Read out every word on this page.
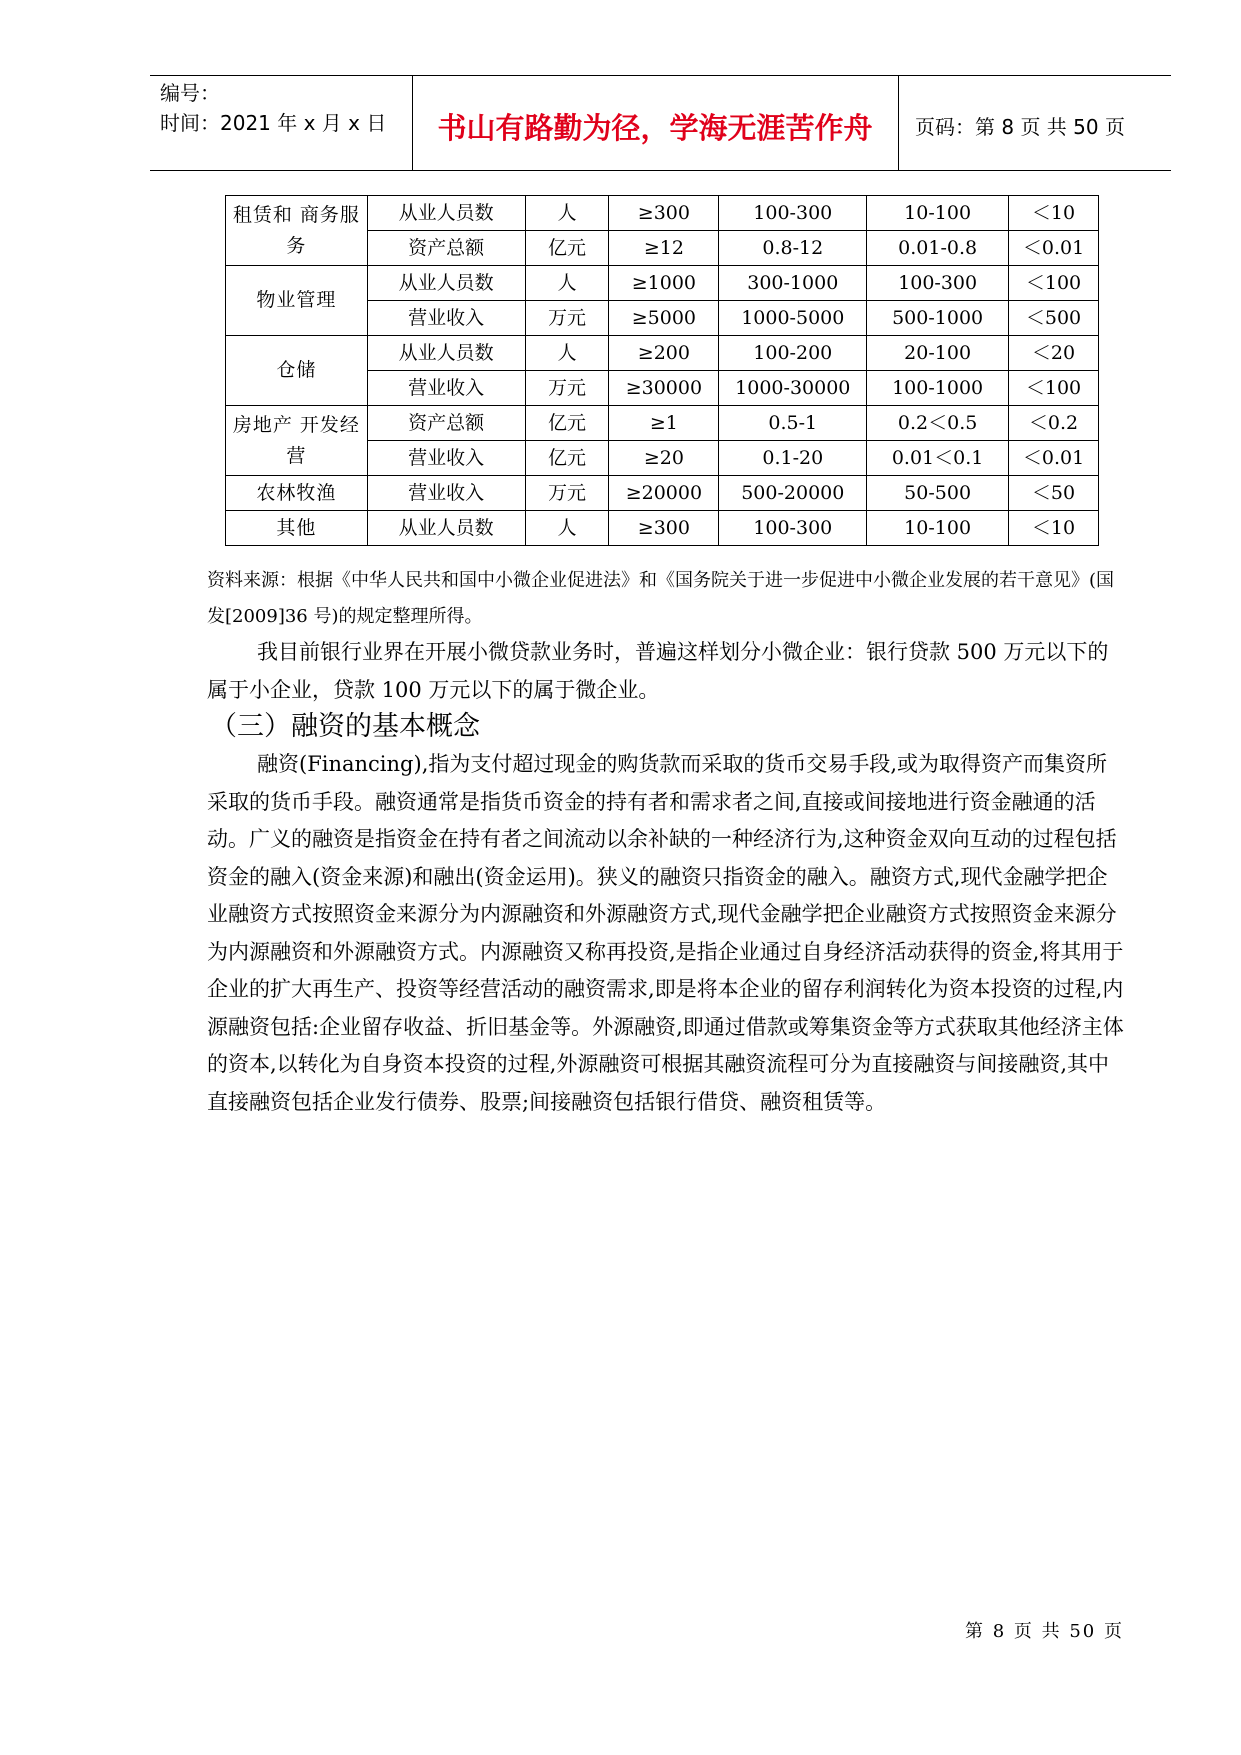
编号：
时间：2021 年 x 月 x 日	书山有路勤为径，学海无涯苦作舟	页码：第 8 页 共 50 页
租赁和 商务服务	从业人员数	人	≥300	100-300	10-100	＜10
	资产总额	亿元	≥12	0.8-12	0.01-0.8	＜0.01
物业管理	从业人员数	人	≥1000	300-1000	100-300	＜100
	营业收入	万元	≥5000	1000-5000	500-1000	＜500
仓储	从业人员数	人	≥200	100-200	20-100	＜20
	营业收入	万元	≥30000	1000-30000	100-1000	＜100
房地产 开发经营	资产总额	亿元	≥1	0.5-1	0.2＜0.5	＜0.2
	营业收入	亿元	≥20	0.1-20	0.01＜0.1	＜0.01
农林牧渔	营业收入	万元	≥20000	500-20000	50-500	＜50
其他	从业人员数	人	≥300	100-300	10-100	＜10
资料来源：根据《中华人民共和国中小微企业促进法》和《国务院关于进一步促进中小微企业发展的若干意见》(国发[2009]36 号)的规定整理所得。

我目前银行业界在开展小微贷款业务时，普遍这样划分小微企业：银行贷款 500 万元以下的属于小企业，贷款 100 万元以下的属于微企业。

（三）融资的基本概念

融资(Financing),指为支付超过现金的购货款而采取的货币交易手段,或为取得资产而集资所采取的货币手段。融资通常是指货币资金的持有者和需求者之间,直接或间接地进行资金融通的活动。广义的融资是指资金在持有者之间流动以余补缺的一种经济行为,这种资金双向互动的过程包括资金的融入(资金来源)和融出(资金运用)。狭义的融资只指资金的融入。融资方式,现代金融学把企业融资方式按照资金来源分为内源融资和外源融资方式,现代金融学把企业融资方式按照资金来源分为内源融资和外源融资方式。内源融资又称再投资,是指企业通过自身经济活动获得的资金,将其用于企业的扩大再生产、投资等经营活动的融资需求,即是将本企业的留存利润转化为资本投资的过程,内源融资包括:企业留存收益、折旧基金等。外源融资,即通过借款或筹集资金等方式获取其他经济主体的资本,以转化为自身资本投资的过程,外源融资可根据其融资流程可分为直接融资与间接融资,其中直接融资包括企业发行债券、股票;间接融资包括银行借贷、融资租赁等。

第 8 页 共 50 页
